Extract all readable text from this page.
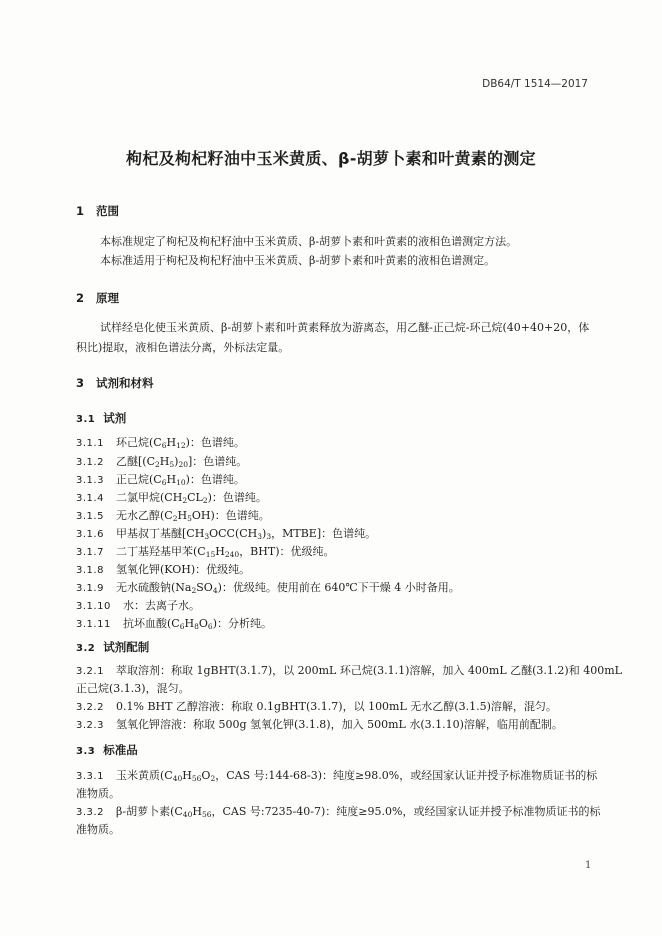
DB64/T 1514—2017
枸杞及枸杞籽油中玉米黄质、β-胡萝卜素和叶黄素的测定
1 范围
本标准规定了枸杞及枸杞籽油中玉米黄质、β-胡萝卜素和叶黄素的液相色谱测定方法。
本标准适用于枸杞及枸杞籽油中玉米黄质、β-胡萝卜素和叶黄素的液相色谱测定。
2 原理
试样经皂化使玉米黄质、β-胡萝卜素和叶黄素释放为游离态，用乙醚-正己烷-环己烷(40+40+20，体
积比)提取，液相色谱法分离，外标法定量。
3 试剂和材料
3.1 试剂
3.1.1 环己烷$(C_6H_{12})$：色谱纯。
3.1.2 乙醚$[(C_2H_5)_{20}]$：色谱纯。
3.1.3 正己烷$(C_6H_{10})$：色谱纯。
3.1.4 二氯甲烷$(CH_2CL_2)$：色谱纯。
3.1.5 无水乙醇$(C_2H_5OH)$：色谱纯。
3.1.6 甲基叔丁基醚[$CH_3OCC(CH_3)_3$，MTBE]：色谱纯。
3.1.7 二丁基羟基甲苯($C_{15}H_{240}$，BHT)：优级纯。
3.1.8 氢氧化钾(KOH)：优级纯。
3.1.9 无水硫酸钠$(Na_2SO_4)$：优级纯。使用前在 640℃下干燥 4 小时备用。
3.1.10 水：去离子水。
3.1.11 抗坏血酸$(C_6H_8O_6)$：分析纯。
3.2 试剂配制
3.2.1 萃取溶剂：称取 1gBHT(3.1.7)，以 200mL 环己烷(3.1.1)溶解，加入 400mL 乙醚(3.1.2)和 400mL
正己烷(3.1.3)，混匀。
3.2.2 0.1% BHT 乙醇溶液：称取 0.1gBHT(3.1.7)，以 100mL 无水乙醇(3.1.5)溶解，混匀。
3.2.3 氢氧化钾溶液：称取 500g 氢氧化钾(3.1.8)，加入 500mL 水(3.1.10)溶解，临用前配制。
3.3 标准品
3.3.1 玉米黄质($C_{40}H_{56}O_2$，CAS 号:144-68-3)：纯度≥98.0%，或经国家认证并授予标准物质证书的标
准物质。
3.3.2 β-胡萝卜素($C_{40}H_{56}$，CAS 号:7235-40-7)：纯度≥95.0%，或经国家认证并授予标准物质证书的标
准物质。
1
